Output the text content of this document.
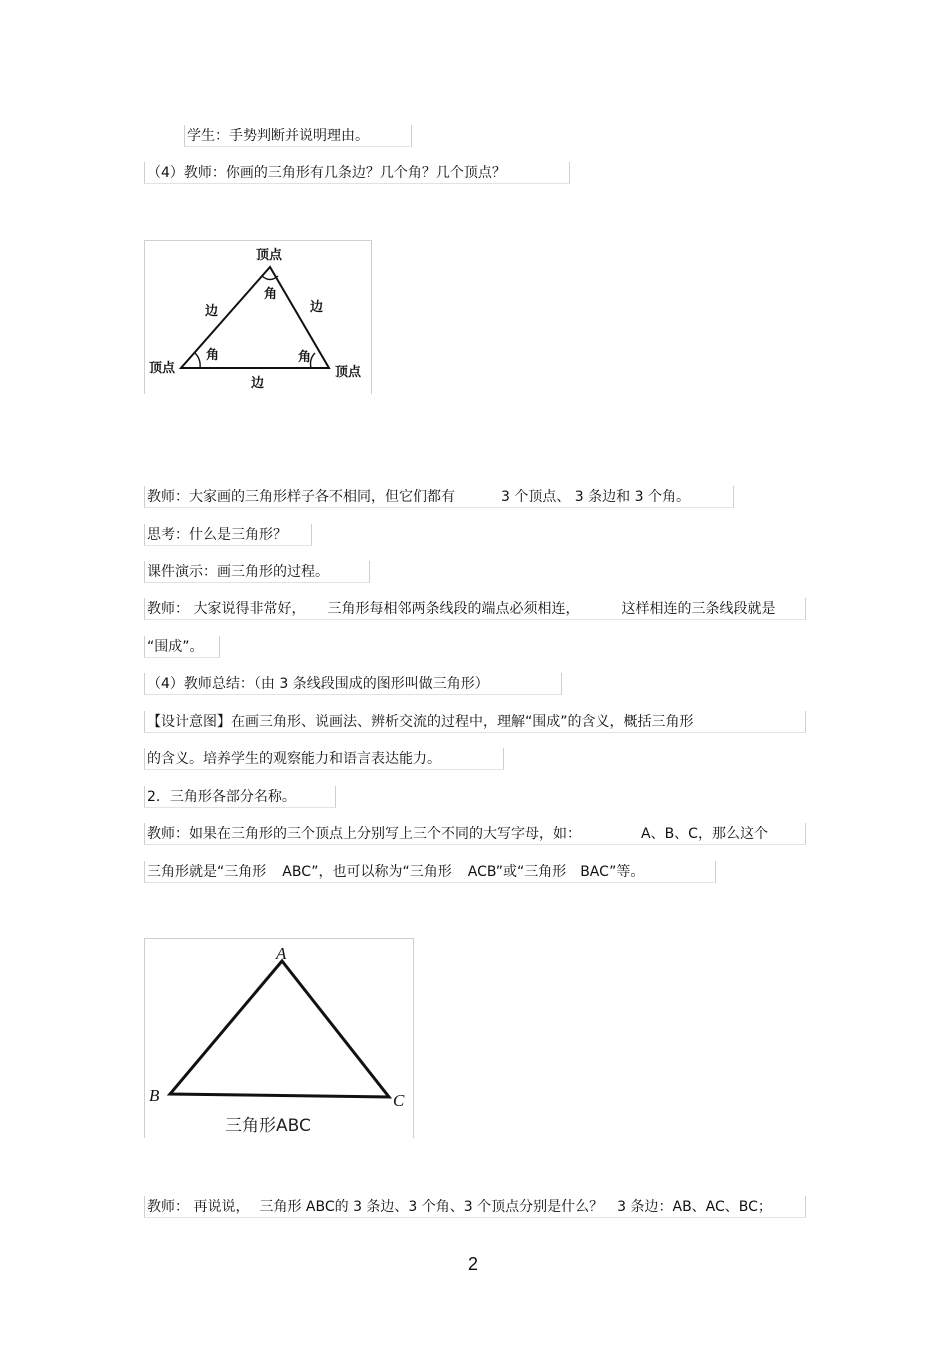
学生：手势判断并说明理由。
（4）教师：你画的三角形有几条边？几个角？几个顶点？
顶点
顶点	顶点
角
角	角
边	边
边
教师：大家画的三角形样子各不相同，但它们都有	3 个顶点、 3 条边和 3 个角。
思考：什么是三角形？
课件演示：画三角形的过程。
教师： 大家说得非常好， 三角形每相邻两条线段的端点必须相连，	这样相连的三条线段就是
“围成”。
（4）教师总结：（由 3 条线段围成的图形叫做三角形）
【设计意图】在画三角形、说画法、辨析交流的过程中，理解“围成”的含义，概括三角形
的含义。培养学生的观察能力和语言表达能力。
2．三角形各部分名称。
教师：如果在三角形的三个顶点上分别写上三个不同的大写字母，如：	A、B、C，那么这个
三角形就是“三角形 ABC”，也可以称为“三角形 ACB”或“三角形 BAC”等。
A
B	C
三角形ABC
教师： 再说说， 三角形 ABC的 3 条边、3 个角、3 个顶点分别是什么？ 3 条边：AB、AC、BC；
2
